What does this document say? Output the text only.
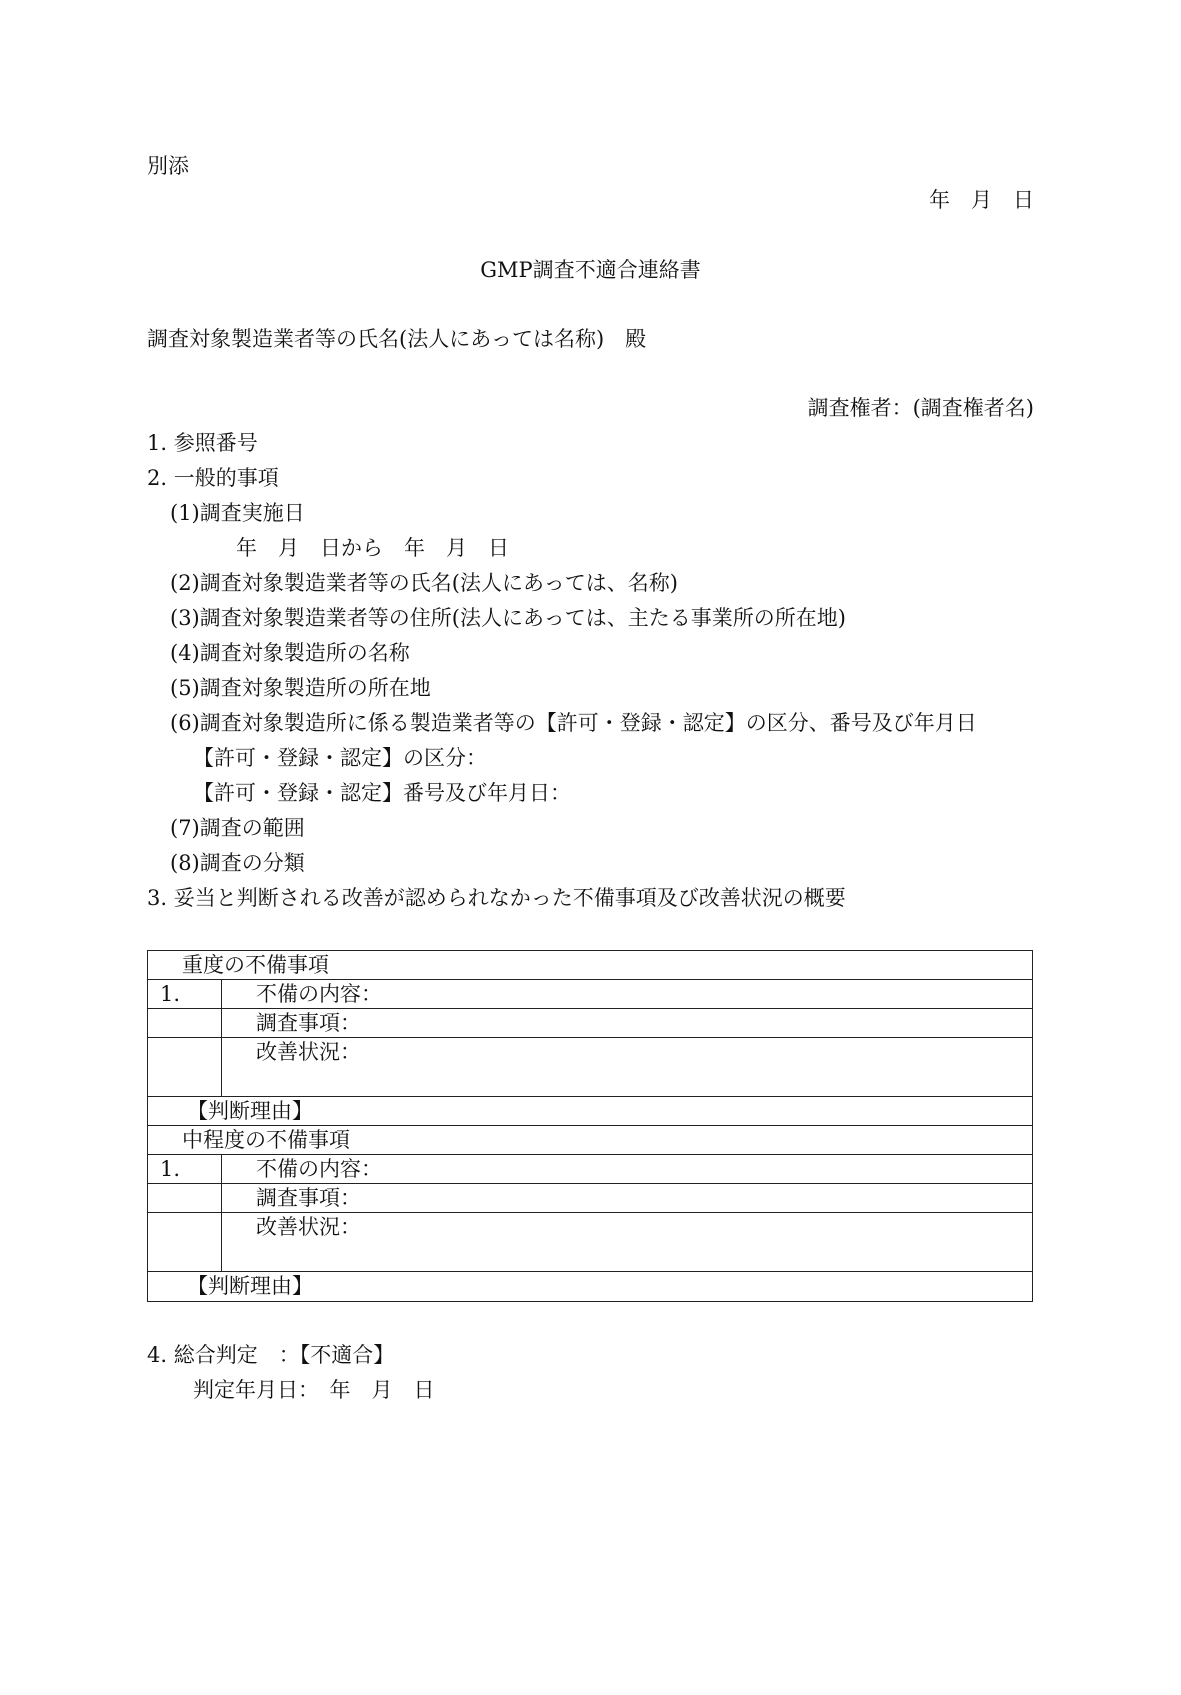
別添
年　月　日
GMP調査不適合連絡書
調査対象製造業者等の氏名(法人にあっては名称)　殿
調査権者：(調査権者名)
1. 参照番号
2. 一般的事項
(1)調査実施日
年　月　日から　年　月　日
(2)調査対象製造業者等の氏名(法人にあっては、名称)
(3)調査対象製造業者等の住所(法人にあっては、主たる事業所の所在地)
(4)調査対象製造所の名称
(5)調査対象製造所の所在地
(6)調査対象製造所に係る製造業者等の【許可・登録・認定】の区分、番号及び年月日
【許可・登録・認定】の区分：
【許可・登録・認定】番号及び年月日：
(7)調査の範囲
(8)調査の分類
3. 妥当と判断される改善が認められなかった不備事項及び改善状況の概要
重度の不備事項
1.	不備の内容：
調査事項：
改善状況：
【判断理由】
中程度の不備事項
1.	不備の内容：
調査事項：
改善状況：
【判断理由】
4. 総合判定　：【不適合】
判定年月日：　年　月　日
